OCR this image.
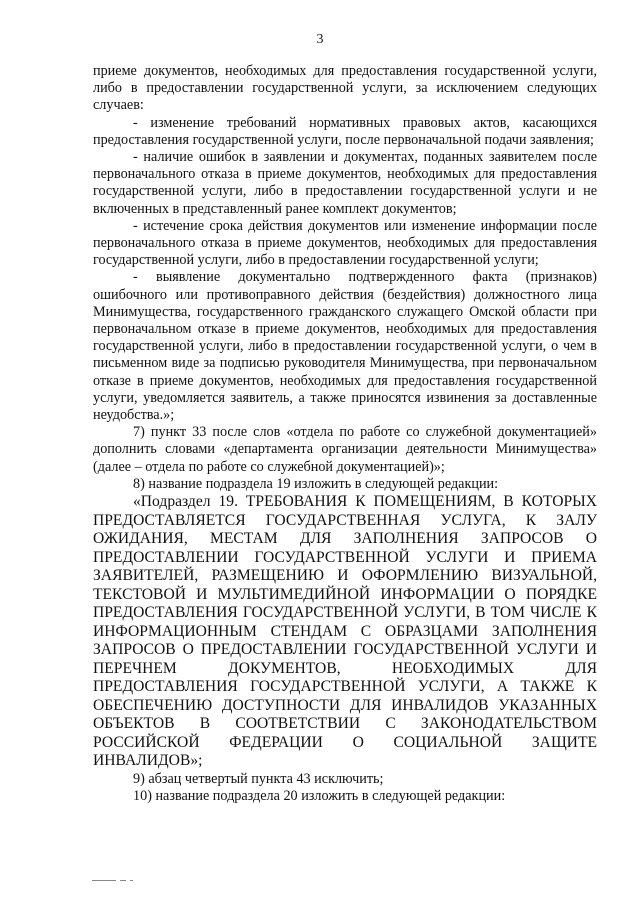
3

приеме документов, необходимых для предоставления государственной услуги, либо в предоставлении государственной услуги, за исключением следующих случаев:

- изменение требований нормативных правовых актов, касающихся предоставления государственной услуги, после первоначальной подачи заявления;

- наличие ошибок в заявлении и документах, поданных заявителем после первоначального отказа в приеме документов, необходимых для предоставления государственной услуги, либо в предоставлении государственной услуги и не включенных в представленный ранее комплект документов;

- истечение срока действия документов или изменение информации после первоначального отказа в приеме документов, необходимых для предоставления государственной услуги, либо в предоставлении государственной услуги;

- выявление документально подтвержденного факта (признаков) ошибочного или противоправного действия (бездействия) должностного лица Минимущества, государственного гражданского служащего Омской области при первоначальном отказе в приеме документов, необходимых для предоставления государственной услуги, либо в предоставлении государственной услуги, о чем в письменном виде за подписью руководителя Минимущества, при первоначальном отказе в приеме документов, необходимых для предоставления государственной услуги, уведомляется заявитель, а также приносятся извинения за доставленные неудобства.»;

7) пункт 33 после слов «отдела по работе со служебной документацией» дополнить словами «департамента организации деятельности Минимущества» (далее – отдела по работе со служебной документацией)»;

8) название подраздела 19 изложить в следующей редакции:

«Подраздел 19. ТРЕБОВАНИЯ К ПОМЕЩЕНИЯМ, В КОТОРЫХ ПРЕДОСТАВЛЯЕТСЯ ГОСУДАРСТВЕННАЯ УСЛУГА, К ЗАЛУ ОЖИДАНИЯ, МЕСТАМ ДЛЯ ЗАПОЛНЕНИЯ ЗАПРОСОВ О ПРЕДОСТАВЛЕНИИ ГОСУДАРСТВЕННОЙ УСЛУГИ И ПРИЕМА ЗАЯВИТЕЛЕЙ, РАЗМЕЩЕНИЮ И ОФОРМЛЕНИЮ ВИЗУАЛЬНОЙ, ТЕКСТОВОЙ И МУЛЬТИМЕДИЙНОЙ ИНФОРМАЦИИ О ПОРЯДКЕ ПРЕДОСТАВЛЕНИЯ ГОСУДАРСТВЕННОЙ УСЛУГИ, В ТОМ ЧИСЛЕ К ИНФОРМАЦИОННЫМ СТЕНДАМ С ОБРАЗЦАМИ ЗАПОЛНЕНИЯ ЗАПРОСОВ О ПРЕДОСТАВЛЕНИИ ГОСУДАРСТВЕННОЙ УСЛУГИ И ПЕРЕЧНЕМ ДОКУМЕНТОВ, НЕОБХОДИМЫХ ДЛЯ ПРЕДОСТАВЛЕНИЯ ГОСУДАРСТВЕННОЙ УСЛУГИ, А ТАКЖЕ К ОБЕСПЕЧЕНИЮ ДОСТУПНОСТИ ДЛЯ ИНВАЛИДОВ УКАЗАННЫХ ОБЪЕКТОВ В СООТВЕТСТВИИ С ЗАКОНОДАТЕЛЬСТВОМ РОССИЙСКОЙ ФЕДЕРАЦИИ О СОЦИАЛЬНОЙ ЗАЩИТЕ ИНВАЛИДОВ»;

9) абзац четвертый пункта 43 исключить;

10) название подраздела 20 изложить в следующей редакции:
